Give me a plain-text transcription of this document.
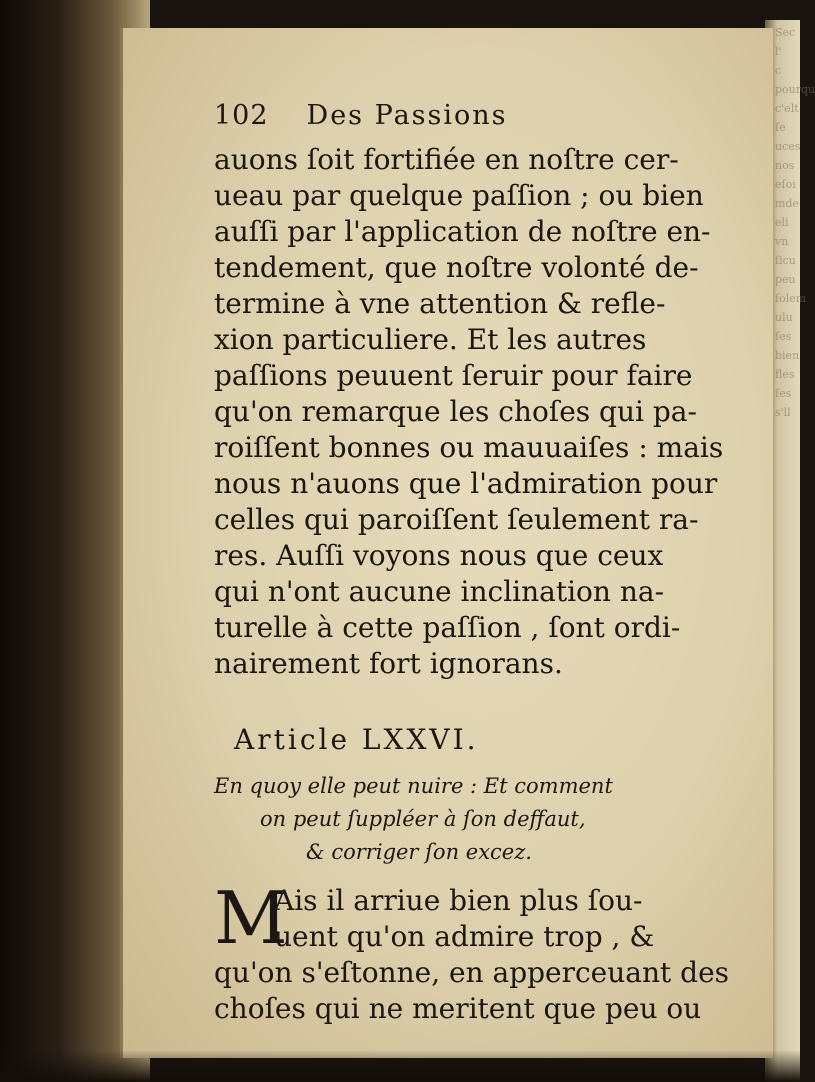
Sec
l'
c
pourqu
c'elt
ſe
uces
nos
eſoi
mde
eli
vn
ſicu
peu
ſolem
ulu
ſes
bien
fles
ſes
s'll
102 Des Passions
auons ſoit fortifiée en noſtre cer-
ueau par quelque paſſion ; ou bien
auſſi par l'application de noſtre en-
tendement, que noſtre volonté de-
termine à vne attention & refle-
xion particuliere. Et les autres
paſſions peuuent ſeruir pour faire
qu'on remarque les choſes qui pa-
roiſſent bonnes ou mauuaiſes : mais
nous n'auons que l'admiration pour
celles qui paroiſſent ſeulement ra-
res. Auſſi voyons nous que ceux
qui n'ont aucune inclination na-
turelle à cette paſſion , ſont ordi-
nairement fort ignorans.
Article LXXVI.
En quoy elle peut nuire : Et comment
on peut ſuppléer à ſon deffaut,
& corriger ſon excez.
M
Ais il arriue bien plus ſou-
uent qu'on admire trop , &
qu'on s'eſtonne, en apperceuant des
choſes qui ne meritent que peu ou
